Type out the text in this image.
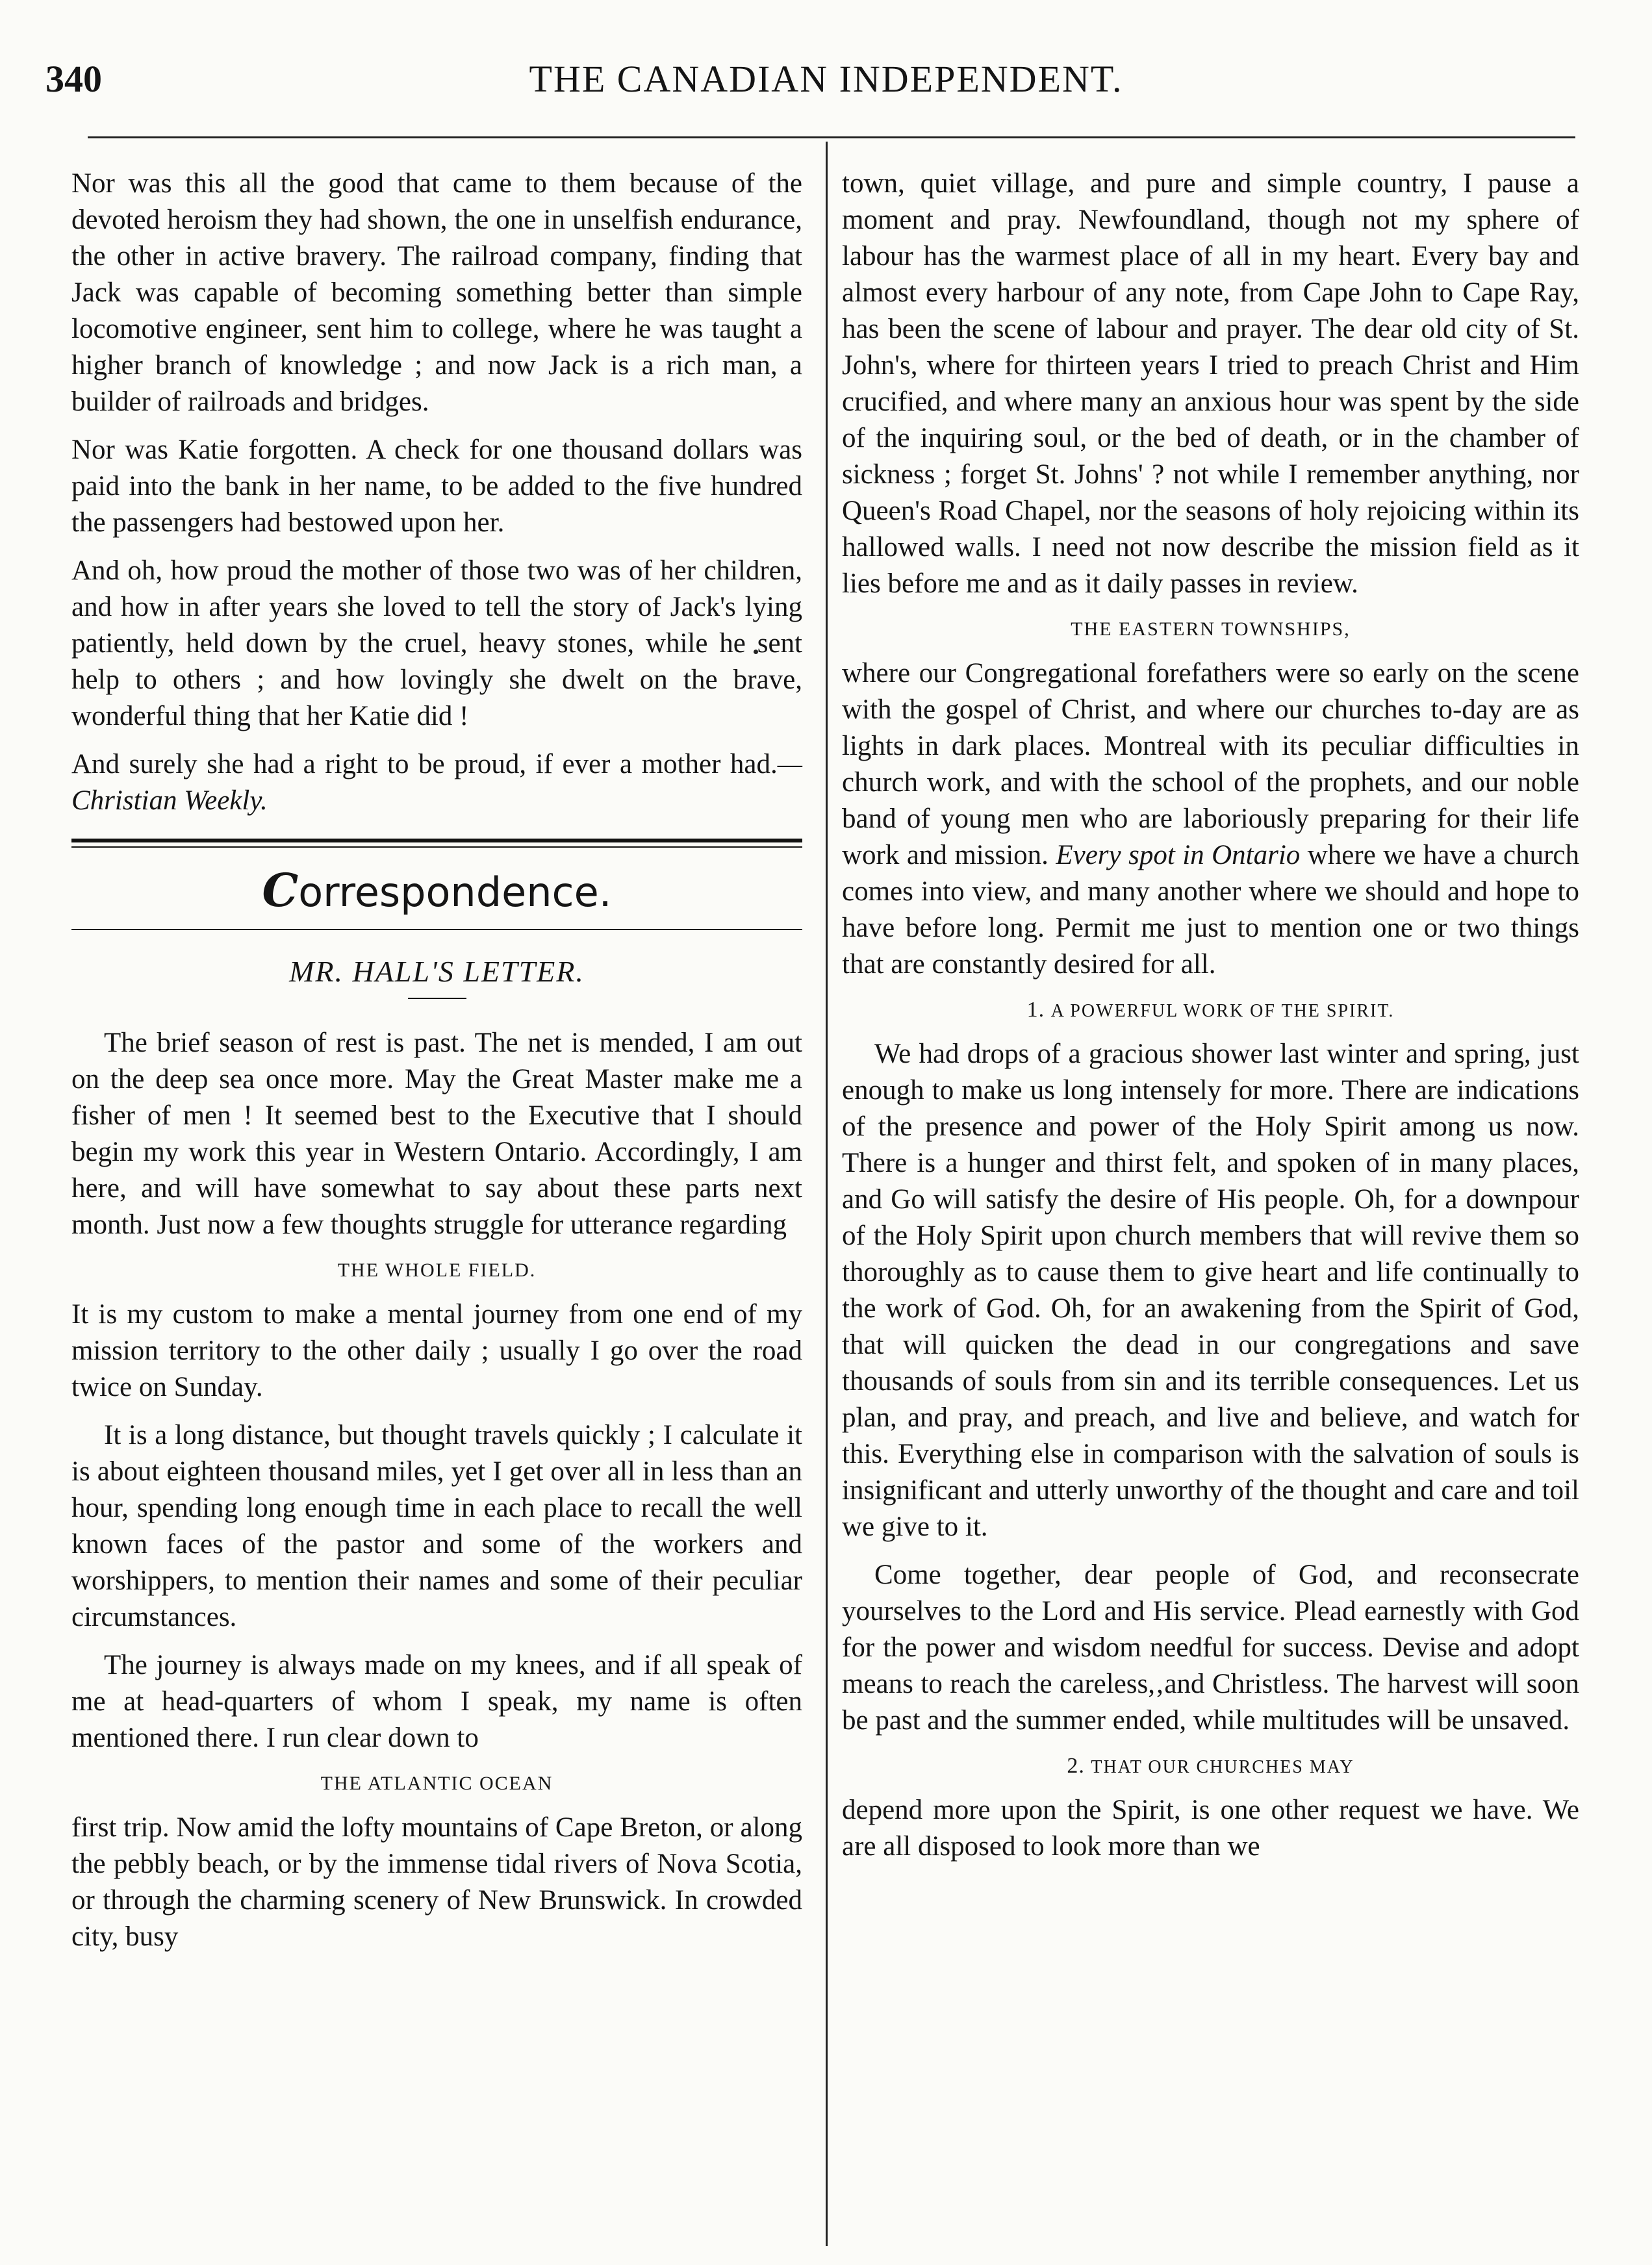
340	THE CANADIAN INDEPENDENT.

Nor was this all the good that came to them because of the devoted heroism they had shown, the one in unselfish endurance, the other in active bravery. The railroad company, finding that Jack was capable of becoming something better than simple locomotive engineer, sent him to college, where he was taught a higher branch of knowledge ; and now Jack is a rich man, a builder of railroads and bridges.

Nor was Katie forgotten. A check for one thousand dollars was paid into the bank in her name, to be added to the five hundred the passengers had bestowed upon her.

And oh, how proud the mother of those two was of her children, and how in after years she loved to tell the story of Jack's lying patiently, held down by the cruel, heavy stones, while he sent help to others ; and how lovingly she dwelt on the brave, wonderful thing that her Katie did !

And surely she had a right to be proud, if ever a mother had.—Christian Weekly.

Correspondence.
MR. HALL'S LETTER.

The brief season of rest is past. The net is mended, I am out on the deep sea once more. May the Great Master make me a fisher of men ! It seemed best to the Executive that I should begin my work this year in Western Ontario. Accordingly, I am here, and will have somewhat to say about these parts next month. Just now a few thoughts struggle for utterance regarding

THE WHOLE FIELD.

It is my custom to make a mental journey from one end of my mission territory to the other daily ; usually I go over the road twice on Sunday.

It is a long distance, but thought travels quickly ; I calculate it is about eighteen thousand miles, yet I get over all in less than an hour, spending long enough time in each place to recall the well known faces of the pastor and some of the workers and worshippers, to mention their names and some of their peculiar circumstances.

The journey is always made on my knees, and if all speak of me at head-quarters of whom I speak, my name is often mentioned there. I run clear down to

THE ATLANTIC OCEAN

first trip. Now amid the lofty mountains of Cape Breton, or along the pebbly beach, or by the immense tidal rivers of Nova Scotia, or through the charming scenery of New Brunswick. In crowded city, busy

town, quiet village, and pure and simple country, I pause a moment and pray. Newfoundland, though not my sphere of labour has the warmest place of all in my heart. Every bay and almost every harbour of any note, from Cape John to Cape Ray, has been the scene of labour and prayer. The dear old city of St. John's, where for thirteen years I tried to preach Christ and Him crucified, and where many an anxious hour was spent by the side of the inquiring soul, or the bed of death, or in the chamber of sickness ; forget St. Johns' ? not while I remember anything, nor Queen's Road Chapel, nor the seasons of holy rejoicing within its hallowed walls. I need not now describe the mission field as it lies before me and as it daily passes in review.

THE EASTERN TOWNSHIPS,

where our Congregational forefathers were so early on the scene with the gospel of Christ, and where our churches to-day are as lights in dark places. Montreal with its peculiar difficulties in church work, and with the school of the prophets, and our noble band of young men who are laboriously preparing for their life work and mission. Every spot in Ontario where we have a church comes into view, and many another where we should and hope to have before long. Permit me just to mention one or two things that are constantly desired for all.

1. A POWERFUL WORK OF THE SPIRIT.

We had drops of a gracious shower last winter and spring, just enough to make us long intensely for more. There are indications of the presence and power of the Holy Spirit among us now. There is a hunger and thirst felt, and spoken of in many places, and Go will satisfy the desire of His people. Oh, for a downpour of the Holy Spirit upon church members that will revive them so thoroughly as to cause them to give heart and life continually to the work of God. Oh, for an awakening from the Spirit of God, that will quicken the dead in our congregations and save thousands of souls from sin and its terrible consequences. Let us plan, and pray, and preach, and live and believe, and watch for this. Everything else in comparison with the salvation of souls is insignificant and utterly unworthy of the thought and care and toil we give to it.

Come together, dear people of God, and reconsecrate yourselves to the Lord and His service. Plead earnestly with God for the power and wisdom needful for success. Devise and adopt means to reach the careless,‚and Christless. The harvest will soon be past and the summer ended, while multitudes will be unsaved.

2. THAT OUR CHURCHES MAY

depend more upon the Spirit, is one other request we have. We are all disposed to look more than we
